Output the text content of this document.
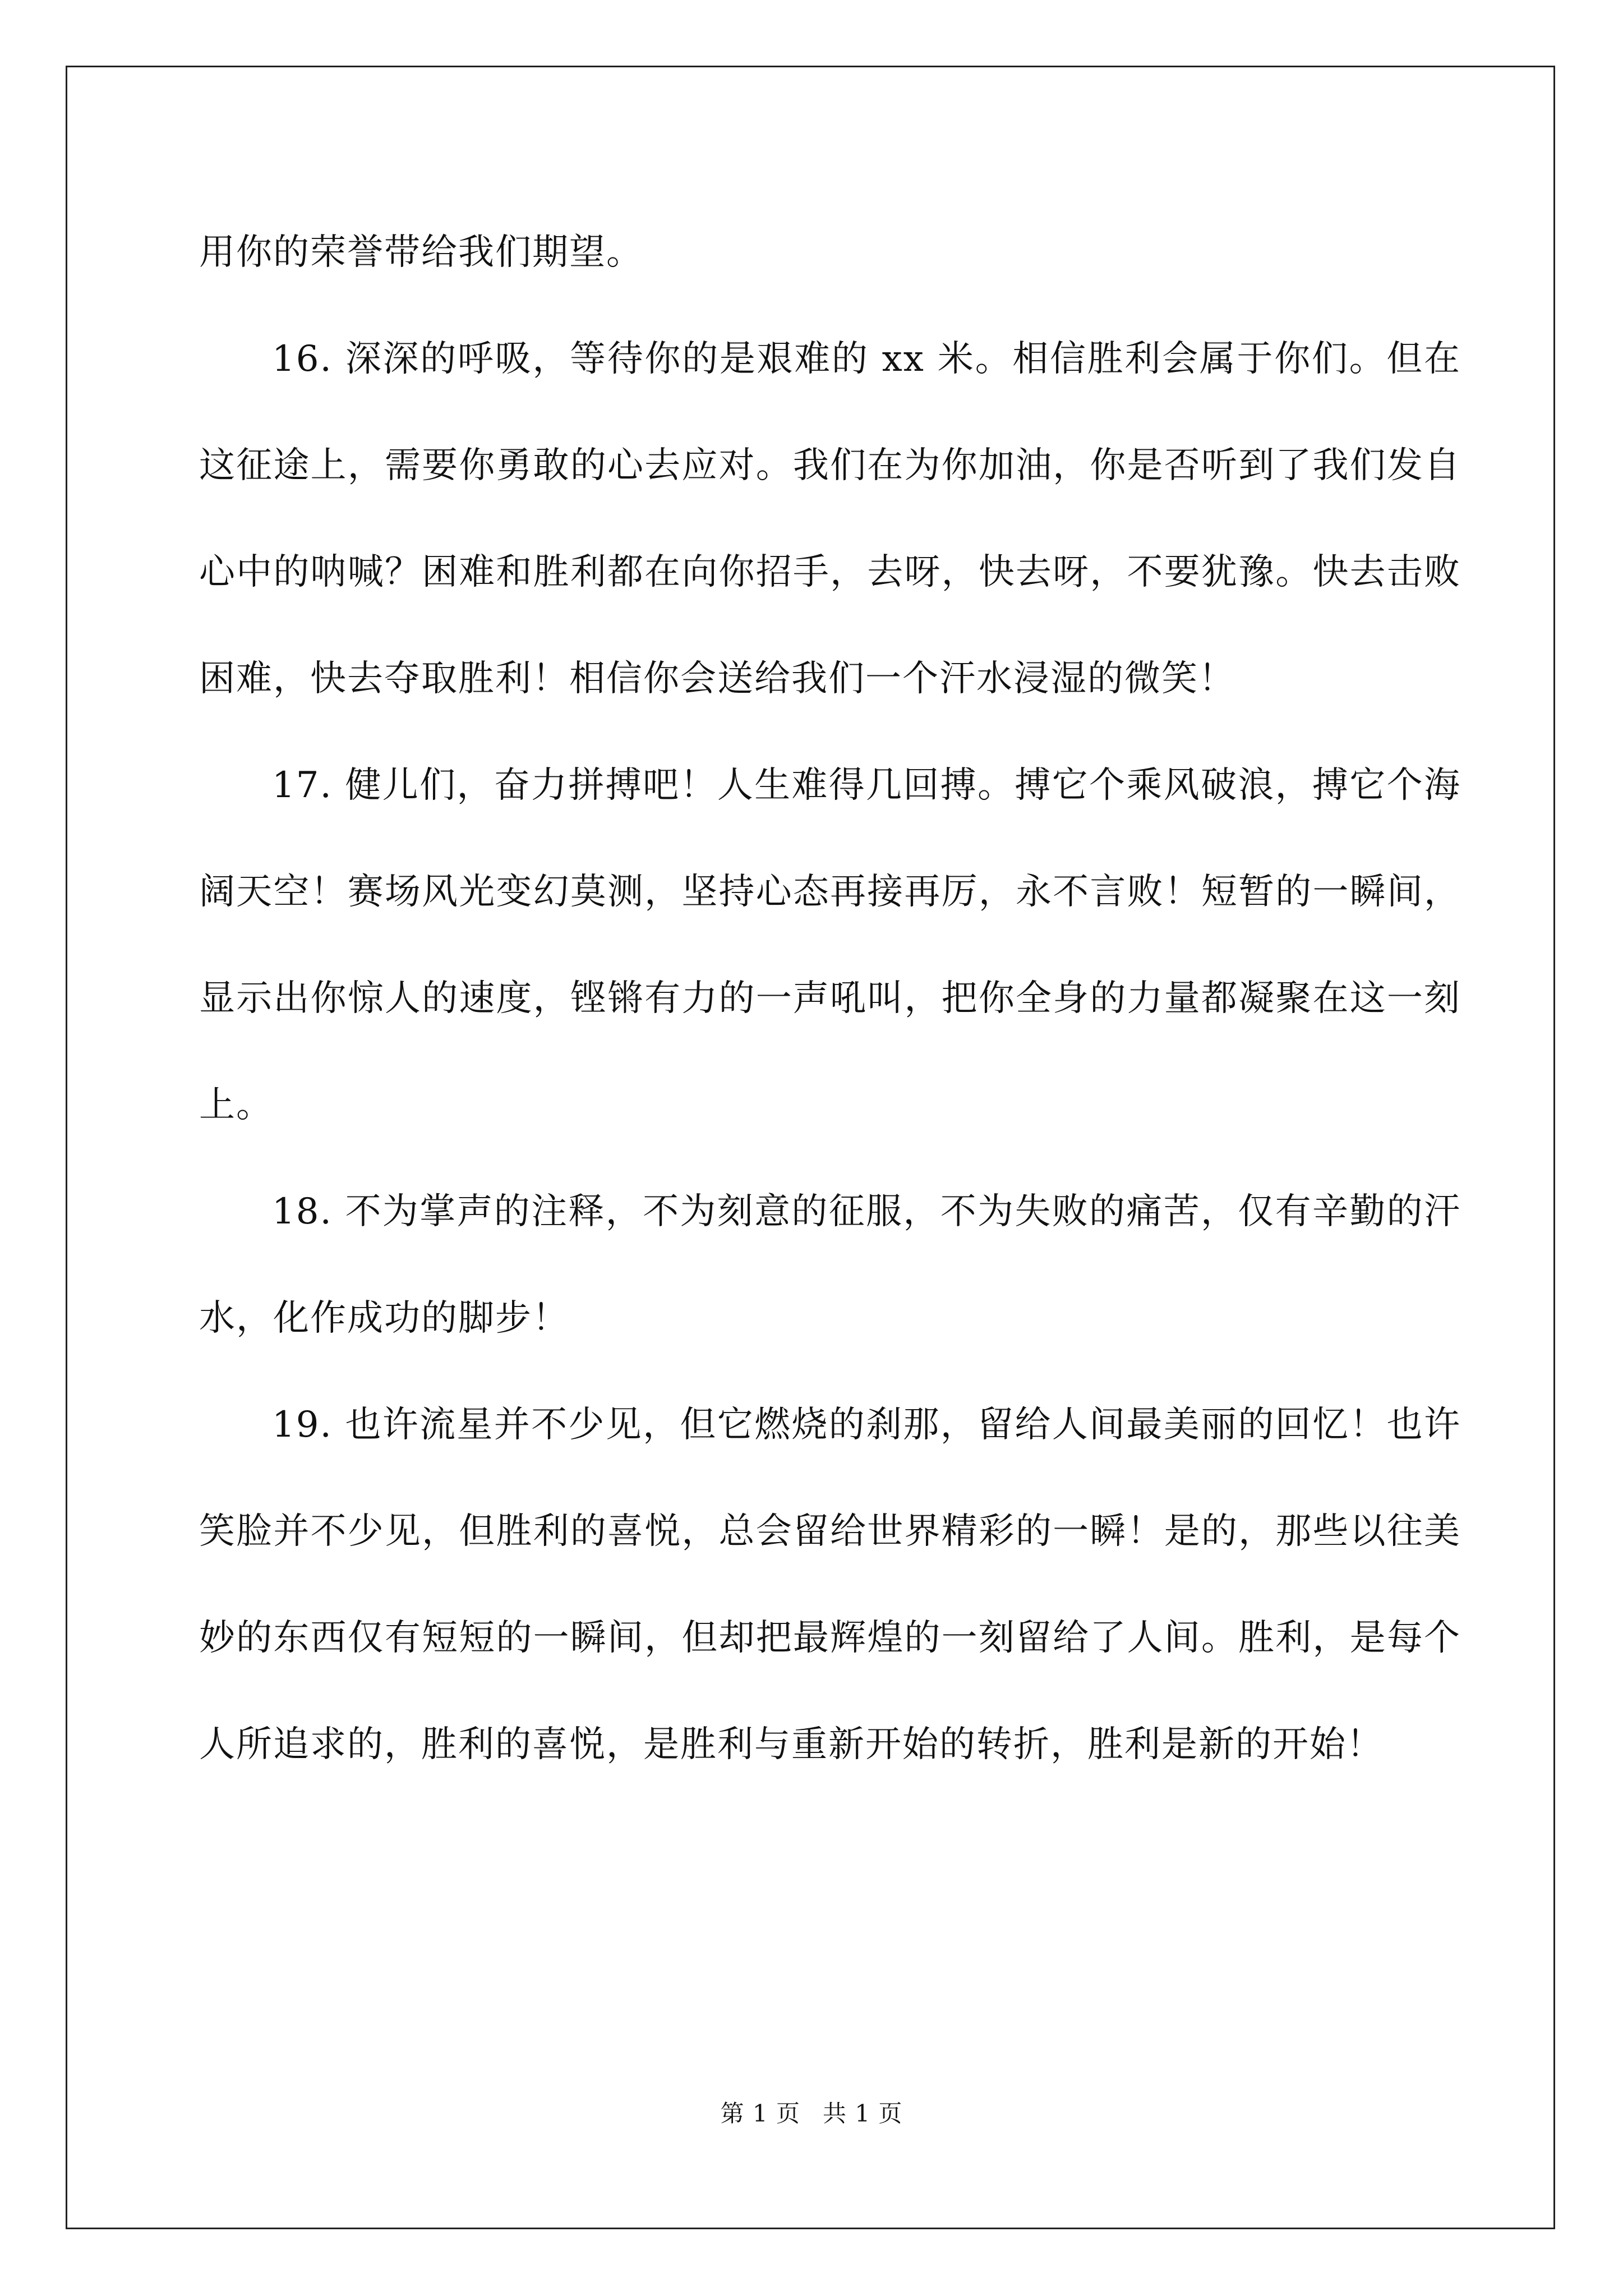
用你的荣誉带给我们期望。

16. 深深的呼吸，等待你的是艰难的 xx 米。相信胜利会属于你们。但在这征途上，需要你勇敢的心去应对。我们在为你加油，你是否听到了我们发自心中的呐喊？困难和胜利都在向你招手，去呀，快去呀，不要犹豫。快去击败困难，快去夺取胜利！相信你会送给我们一个汗水浸湿的微笑！

17. 健儿们，奋力拼搏吧！人生难得几回搏。搏它个乘风破浪，搏它个海阔天空！赛场风光变幻莫测，坚持心态再接再厉，永不言败！短暂的一瞬间，显示出你惊人的速度，铿锵有力的一声吼叫，把你全身的力量都凝聚在这一刻上。

18. 不为掌声的注释，不为刻意的征服，不为失败的痛苦，仅有辛勤的汗水，化作成功的脚步！

19. 也许流星并不少见，但它燃烧的刹那，留给人间最美丽的回忆！也许笑脸并不少见，但胜利的喜悦，总会留给世界精彩的一瞬！是的，那些以往美妙的东西仅有短短的一瞬间，但却把最辉煌的一刻留给了人间。胜利，是每个人所追求的，胜利的喜悦，是胜利与重新开始的转折，胜利是新的开始！

第 1 页 共 1 页
